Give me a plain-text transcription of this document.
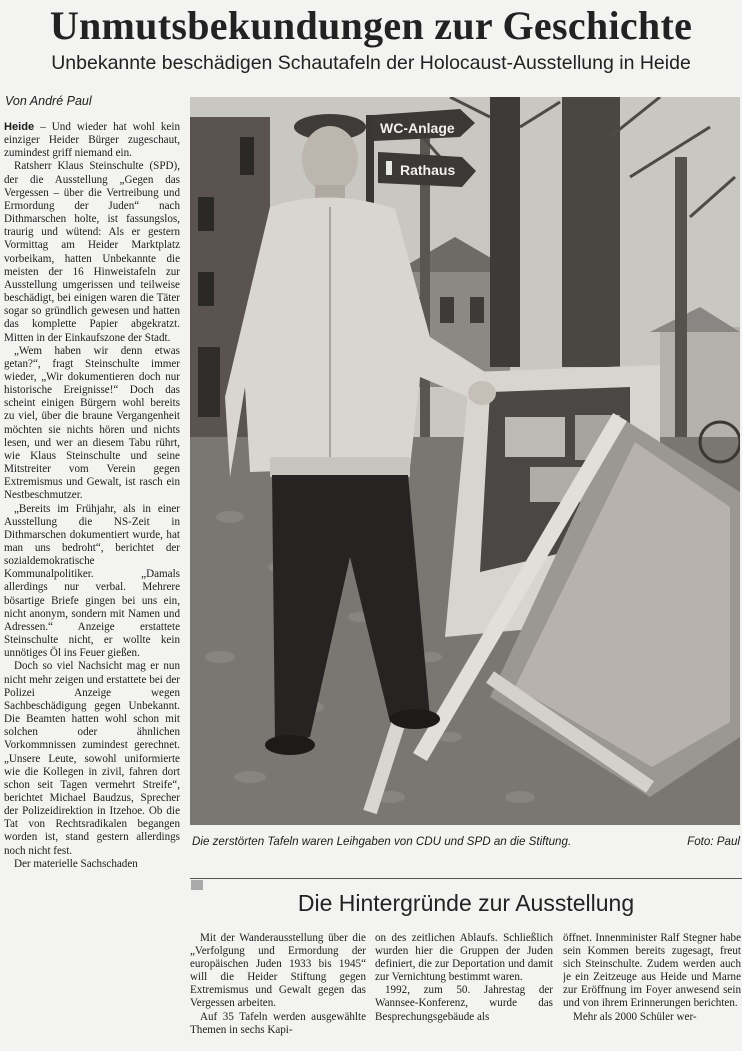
Unmutsbekundungen zur Geschichte
Unbekannte beschädigen Schautafeln der Holocaust-Ausstellung in Heide
Von André Paul

Heide – Und wieder hat wohl kein einziger Heider Bürger zugeschaut, zumindest griff niemand ein.

Ratsherr Klaus Steinschulte (SPD), der die Ausstellung „Gegen das Vergessen – über die Vertreibung und Ermordung der Juden“ nach Dithmarschen holte, ist fassungslos, traurig und wütend: Als er gestern Vormittag am Heider Marktplatz vorbeikam, hatten Unbekannte die meisten der 16 Hinweistafeln zur Ausstellung umgerissen und teilweise beschädigt, bei einigen waren die Täter sogar so gründlich gewesen und hatten das komplette Papier abgekratzt. Mitten in der Einkaufszone der Stadt.

„Wem haben wir denn etwas getan?“, fragt Steinschulte immer wieder, „Wir dokumentieren doch nur historische Ereignisse!“ Doch das scheint einigen Bürgern wohl bereits zu viel, über die braune Vergangenheit möchten sie nichts hören und nichts lesen, und wer an diesem Tabu rührt, wie Klaus Steinschulte und seine Mitstreiter vom Verein gegen Extremismus und Gewalt, ist rasch ein Nestbeschmutzer.

„Bereits im Frühjahr, als in einer Ausstellung die NS-Zeit in Dithmarschen dokumentiert wurde, hat man uns bedroht“, berichtet der sozialdemokratische Kommunalpolitiker. „Damals allerdings nur verbal. Mehrere bösartige Briefe gingen bei uns ein, nicht anonym, sondern mit Namen und Adressen.“ Anzeige erstattete Steinschulte nicht, er wollte kein unnötiges Öl ins Feuer gießen.

Doch so viel Nachsicht mag er nun nicht mehr zeigen und erstattete bei der Polizei Anzeige wegen Sachbeschädigung gegen Unbekannt. Die Beamten hatten wohl schon mit solchen oder ähnlichen Vorkommnissen zumindest gerechnet. „Unsere Leute, sowohl uniformierte wie die Kollegen in zivil, fahren dort schon seit Tagen vermehrt Streife“, berichtet Michael Baudzus, Sprecher der Polizeidirektion in Itzehoe. Ob die Tat von Rechtsradikalen begangen worden ist, stand gestern allerdings noch nicht fest.

Der materielle Sachschaden

WC-Anlage
Rathaus
Die zerstörten Tafeln waren Leihgaben von CDU und SPD an die Stiftung.	Foto: Paul
Die Hintergründe zur Ausstellung

Mit der Wanderausstellung über die „Verfolgung und Ermordung der europäischen Juden 1933 bis 1945“ will die Heider Stiftung gegen Extremismus und Gewalt gegen das Vergessen arbeiten.

Auf 35 Tafeln werden ausgewählte Themen in sechs Kapi-

on des zeitlichen Ablaufs. Schließlich wurden hier die Gruppen der Juden definiert, die zur Deportation und damit zur Vernichtung bestimmt waren.

1992, zum 50. Jahrestag der Wannsee-Konferenz, wurde das Besprechungsgebäude als

öffnet. Innenminister Ralf Stegner habe sein Kommen bereits zugesagt, freut sich Steinschulte. Zudem werden auch je ein Zeitzeuge aus Heide und Marne zur Eröffnung im Foyer anwesend sein und von ihrem Erinnerungen berichten.

Mehr als 2000 Schüler wer-
